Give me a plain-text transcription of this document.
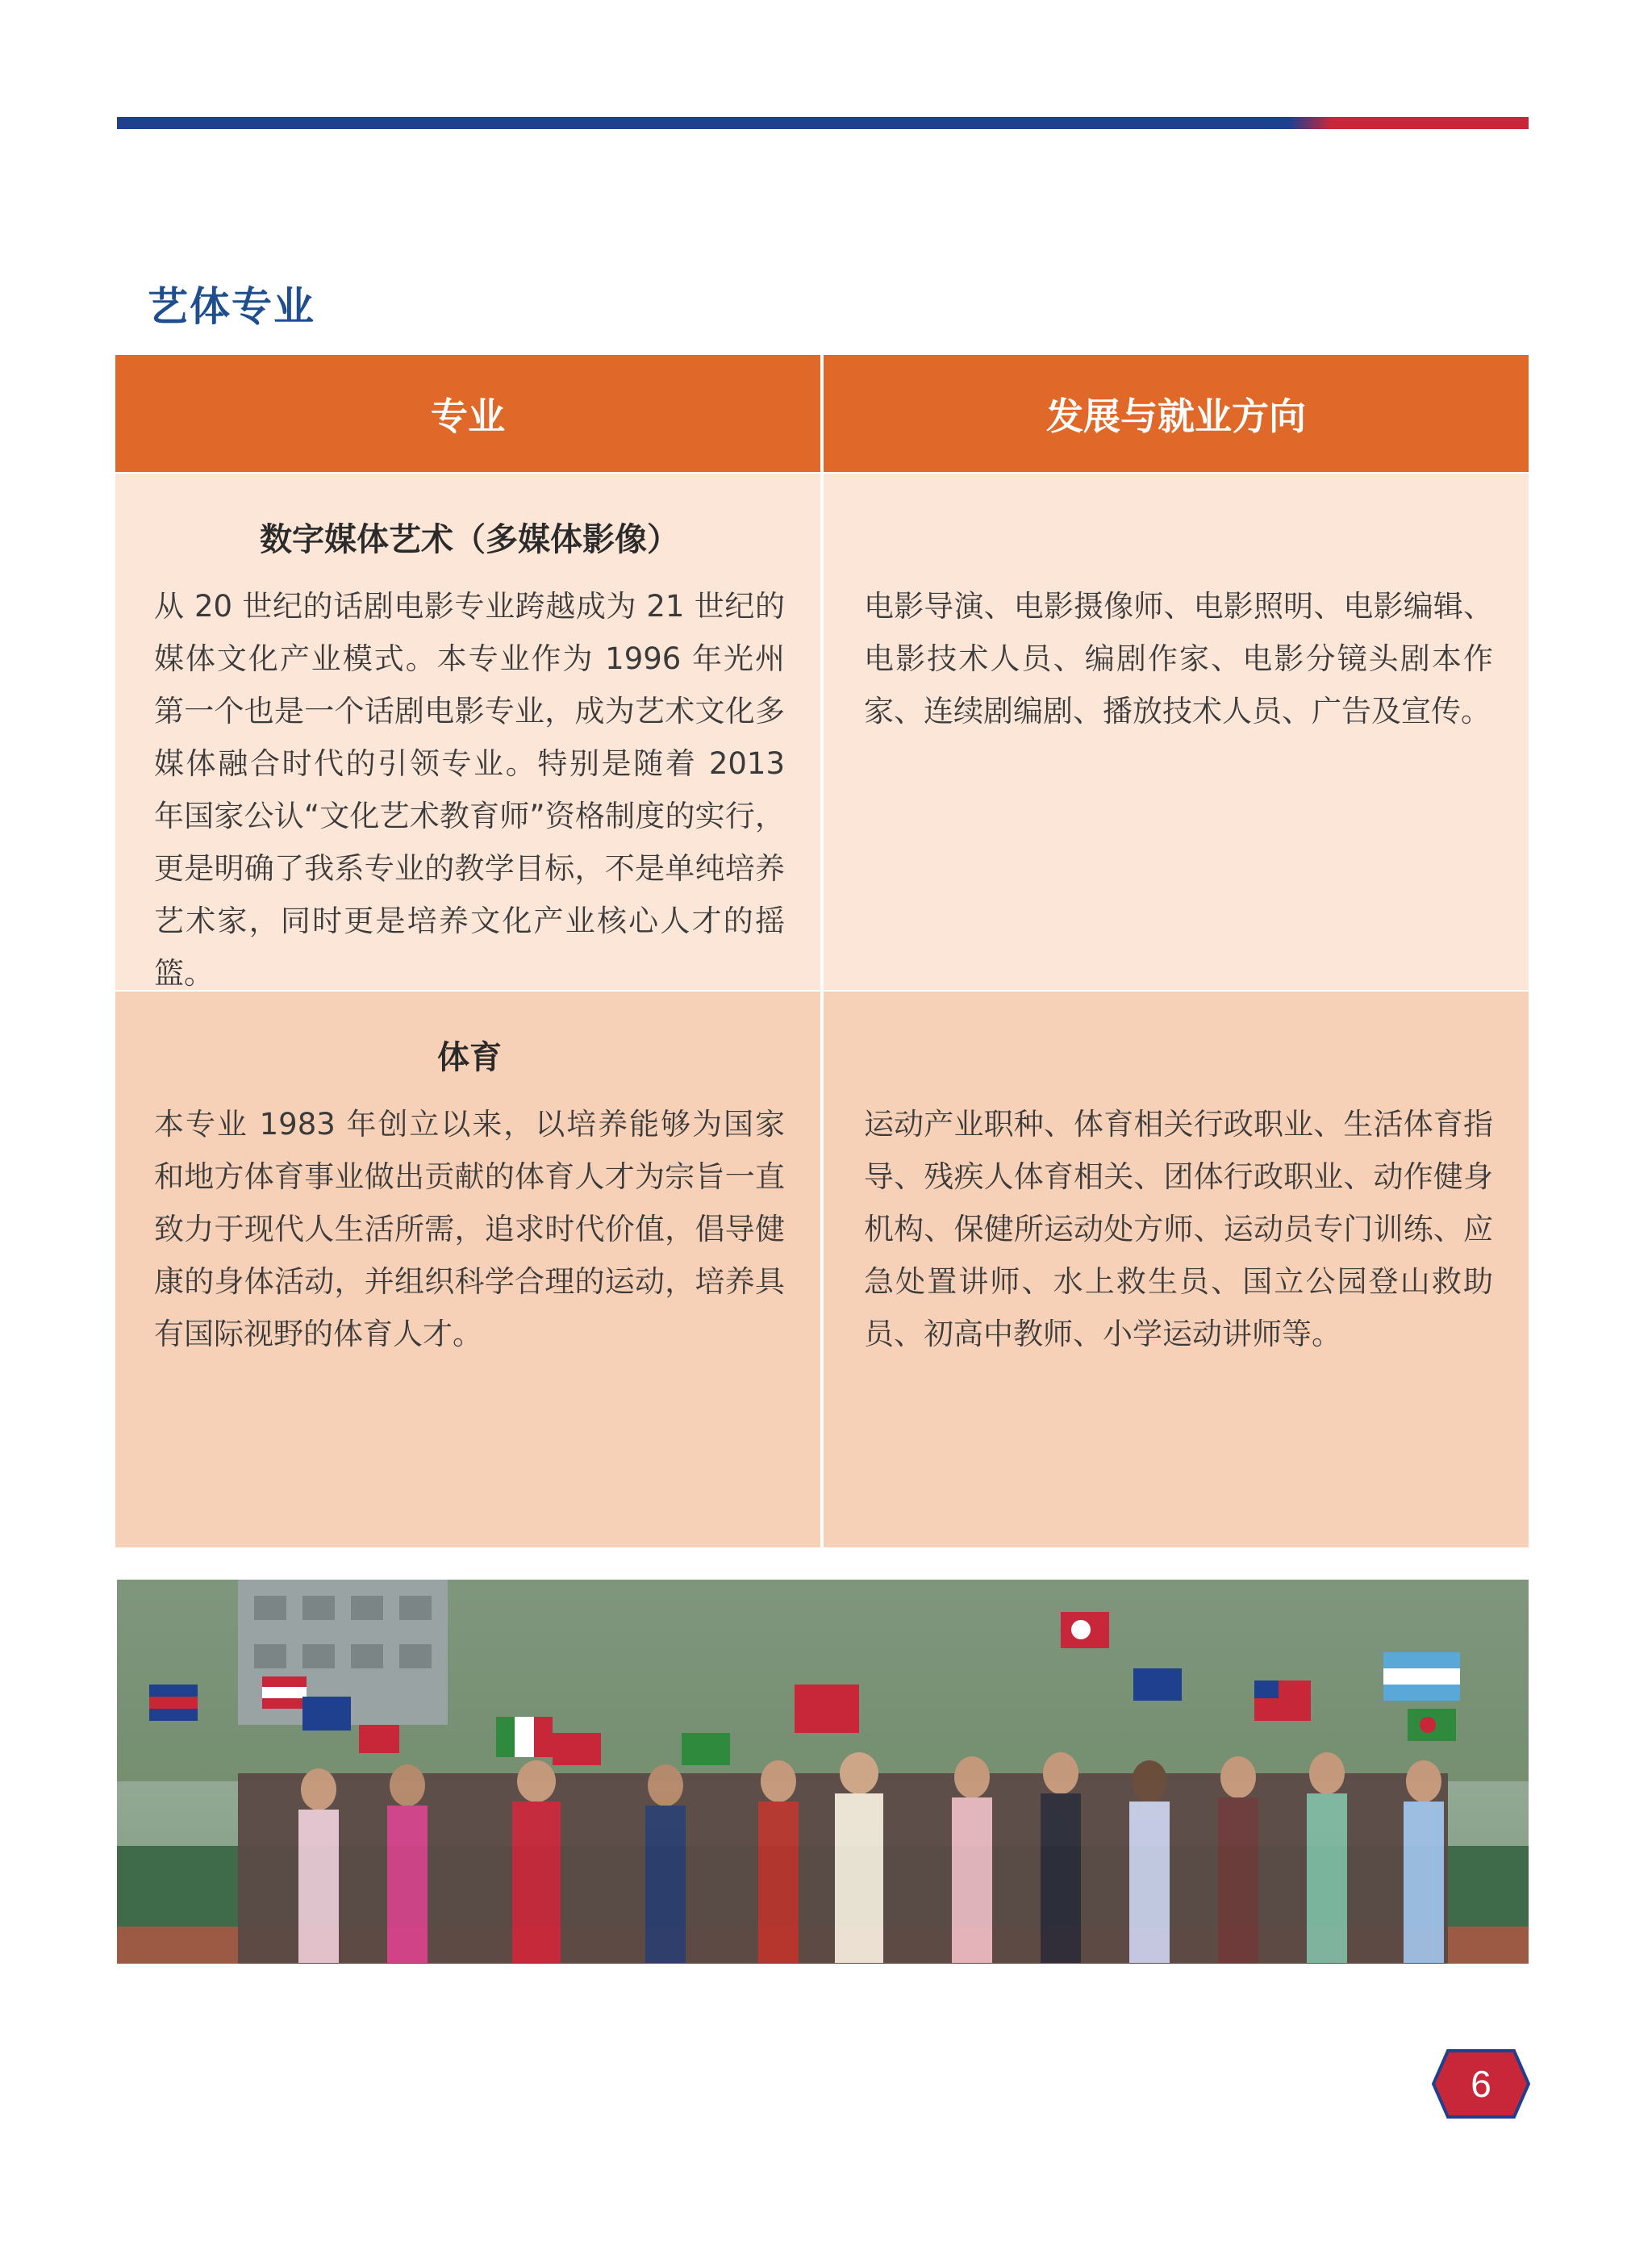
艺体专业
专业	发展与就业方向
数字媒体艺术（多媒体影像）
从 20 世纪的话剧电影专业跨越成为 21 世纪的媒体文化产业模式。本专业作为 1996 年光州第一个也是一个话剧电影专业，成为艺术文化多媒体融合时代的引领专业。特别是随着 2013 年国家公认“文化艺术教育师”资格制度的实行，更是明确了我系专业的教学目标，不是单纯培养艺术家，同时更是培养文化产业核心人才的摇篮。
电影导演、电影摄像师、电影照明、电影编辑、电影技术人员、编剧作家、电影分镜头剧本作家、连续剧编剧、播放技术人员、广告及宣传。
体育
本专业 1983 年创立以来，以培养能够为国家和地方体育事业做出贡献的体育人才为宗旨一直致力于现代人生活所需，追求时代价值，倡导健康的身体活动，并组织科学合理的运动，培养具有国际视野的体育人才。
运动产业职种、体育相关行政职业、生活体育指导、残疾人体育相关、团体行政职业、动作健身机构、保健所运动处方师、运动员专门训练、应急处置讲师、水上救生员、国立公园登山救助员、初高中教师、小学运动讲师等。
6
